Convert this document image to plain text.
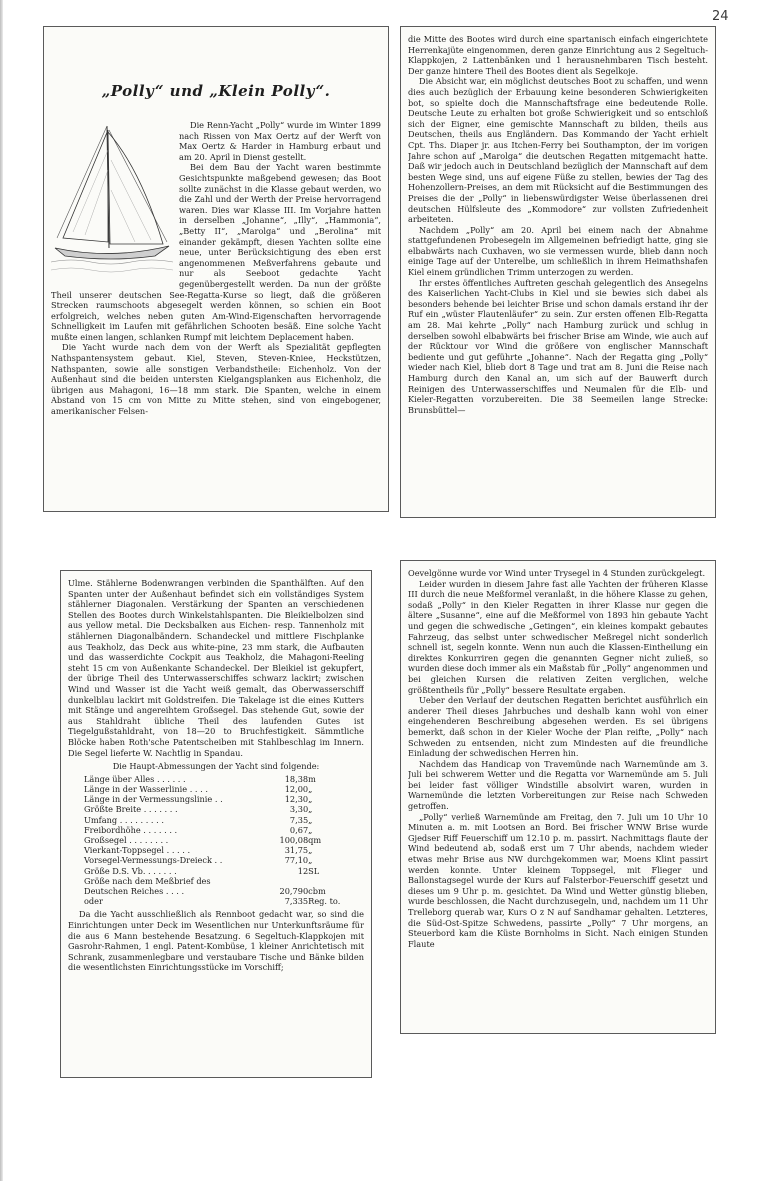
24
„Polly“ und „Klein Polly“.

Die Renn-Yacht „Polly“ wurde im Winter 1899 nach Rissen von Max Oertz auf der Werft von Max Oertz & Harder in Hamburg erbaut und am 20. April in Dienst gestellt.

Bei dem Bau der Yacht waren bestimmte Gesichtspunkte maßgebend gewesen; das Boot sollte zunächst in die Klasse gebaut werden, wo die Zahl und der Werth der Preise hervorragend waren. Dies war Klasse III. Im Vorjahre hatten in derselben „Johanne“, „Illy“, „Hammonia“, „Betty II“, „Marolga“ und „Berolina“ mit einander gekämpft, diesen Yachten sollte eine neue, unter Berücksichtigung des eben erst angenommenen Meßverfahrens gebaute und nur als Seeboot gedachte Yacht gegenübergestellt werden. Da nun der größte Theil unserer deutschen See-Regatta-Kurse so liegt, daß die größeren Strecken raumschoots abgesegelt werden können, so schien ein Boot erfolgreich, welches neben guten Am-Wind-Eigenschaften hervorragende Schnelligkeit im Laufen mit gefährlichen Schooten besäß. Eine solche Yacht mußte einen langen, schlanken Rumpf mit leichtem Deplacement haben.

Die Yacht wurde nach dem von der Werft als Spezialität gepflegten Nathspantensystem gebaut. Kiel, Steven, Steven-Kniee, Heckstützen, Nathspanten, sowie alle sonstigen Verbandstheile: Eichenholz. Von der Außenhaut sind die beiden untersten Kielgangsplanken aus Eichenholz, die übrigen aus Mahagoni, 16—18 mm stark. Die Spanten, welche in einem Abstand von 15 cm von Mitte zu Mitte stehen, sind von eingebogener, amerikanischer Felsen-

die Mitte des Bootes wird durch eine spartanisch einfach eingerichtete Herrenkajüte eingenommen, deren ganze Einrichtung aus 2 Segeltuch-Klappkojen, 2 Lattenbänken und 1 herausnehmbaren Tisch besteht. Der ganze hintere Theil des Bootes dient als Segelkoje.

Die Absicht war, ein möglichst deutsches Boot zu schaffen, und wenn dies auch bezüglich der Erbauung keine besonderen Schwierigkeiten bot, so spielte doch die Mannschaftsfrage eine bedeutende Rolle. Deutsche Leute zu erhalten bot große Schwierigkeit und so entschloß sich der Eigner, eine gemischte Mannschaft zu bilden, theils aus Deutschen, theils aus Engländern. Das Kommando der Yacht erhielt Cpt. Ths. Diaper jr. aus Itchen-Ferry bei Southampton, der im vorigen Jahre schon auf „Marolga“ die deutschen Regatten mitgemacht hatte. Daß wir jedoch auch in Deutschland bezüglich der Mannschaft auf dem besten Wege sind, uns auf eigene Füße zu stellen, bewies der Tag des Hohenzollern-Preises, an dem mit Rücksicht auf die Bestimmungen des Preises die der „Polly“ in liebenswürdigster Weise überlassenen drei deutschen Hülfsleute des „Kommodore“ zur vollsten Zufriedenheit arbeiteten.

Nachdem „Polly“ am 20. April bei einem nach der Abnahme stattgefundenen Probesegeln im Allgemeinen befriedigt hatte, ging sie elbabwärts nach Cuxhaven, wo sie vermessen wurde, blieb dann noch einige Tage auf der Unterelbe, um schließlich in ihrem Heimathshafen Kiel einem gründlichen Trimm unterzogen zu werden.

Ihr erstes öffentliches Auftreten geschah gelegentlich des Ansegelns des Kaiserlichen Yacht-Clubs in Kiel und sie bewies sich dabei als besonders behende bei leichter Brise und schon damals erstand ihr der Ruf ein „wüster Flautenläufer“ zu sein. Zur ersten offenen Elb-Regatta am 28. Mai kehrte „Polly“ nach Hamburg zurück und schlug in derselben sowohl elbabwärts bei frischer Brise am Winde, wie auch auf der Rücktour vor Wind die größere von englischer Mannschaft bediente und gut geführte „Johanne“. Nach der Regatta ging „Polly“ wieder nach Kiel, blieb dort 8 Tage und trat am 8. Juni die Reise nach Hamburg durch den Kanal an, um sich auf der Bauwerft durch Reinigen des Unterwasserschiffes und Neumalen für die Elb- und Kieler-Regatten vorzubereiten. Die 38 Seemeilen lange Strecke: Brunsbüttel—

Ulme. Stählerne Bodenwrangen verbinden die Spanthälften. Auf den Spanten unter der Außenhaut befindet sich ein vollständiges System stählerner Diagonalen. Verstärkung der Spanten an verschiedenen Stellen des Bootes durch Winkelstahlspanten. Die Bleikielbolzen sind aus yellow metal. Die Decksbalken aus Eichen- resp. Tannenholz mit stählernen Diagonalbändern. Schandeckel und mittlere Fischplanke aus Teakholz, das Deck aus white-pine, 23 mm stark, die Aufbauten und das wasserdichte Cockpit aus Teakholz, die Mahagoni-Reeling steht 15 cm von Außenkante Schandeckel. Der Bleikiel ist gekupfert, der übrige Theil des Unterwasserschiffes schwarz lackirt; zwischen Wind und Wasser ist die Yacht weiß gemalt, das Oberwasserschiff dunkelblau lackirt mit Goldstreifen. Die Takelage ist die eines Kutters mit Stänge und angereihtem Großsegel. Das stehende Gut, sowie der aus Stahldraht übliche Theil des laufenden Gutes ist Tiegelgußstahldraht, von 18—20 to Bruchfestigkeit. Sämmtliche Blöcke haben Roth'sche Patentscheiben mit Stahlbeschlag im Innern. Die Segel lieferte W. Nachtlig in Spandau.

Die Haupt-Abmessungen der Yacht sind folgende:

Länge über Alles . . . . . .	18,38	m
Länge in der Wasserlinie . . . .	12,00	„
Länge in der Vermessungslinie . .	12,30	„
Größte Breite . . . . . . .	3,30	„
Umfang . . . . . . . . .	7,35	„
Freibordhöhe . . . . . . .	0,67	„
Großsegel . . . . . . . .	100,08	qm
Vierkant-Toppsegel . . . . .	31,75	„
Vorsegel-Vermessungs-Dreieck . .	77,10	„
Größe D.S. Vb. . . . . . .	12	SL
Größe nach dem Meßbrief des		
Deutschen Reiches . . . .	20,790	cbm
oder	7,335	Reg. to.

Da die Yacht ausschließlich als Rennboot gedacht war, so sind die Einrichtungen unter Deck im Wesentlichen nur Unterkunftsräume für die aus 6 Mann bestehende Besatzung. 6 Segeltuch-Klappkojen mit Gasrohr-Rahmen, 1 engl. Patent-Kombüse, 1 kleiner Anrichtetisch mit Schrank, zusammenlegbare und verstaubare Tische und Bänke bilden die wesentlichsten Einrichtungsstücke im Vorschiff;

Oevelgönne wurde vor Wind unter Trysegel in 4 Stunden zurückgelegt.

Leider wurden in diesem Jahre fast alle Yachten der früheren Klasse III durch die neue Meßformel veranlaßt, in die höhere Klasse zu gehen, sodaß „Polly“ in den Kieler Regatten in ihrer Klasse nur gegen die ältere „Susanne“, eine auf die Meßformel von 1893 hin gebaute Yacht und gegen die schwedische „Getingen“, ein kleines kompakt gebautes Fahrzeug, das selbst unter schwedischer Meßregel nicht sonderlich schnell ist, segeln konnte. Wenn nun auch die Klassen-Eintheilung ein direktes Konkurriren gegen die genannten Gegner nicht zuließ, so wurden diese doch immer als ein Maßstab für „Polly“ angenommen und bei gleichen Kursen die relativen Zeiten verglichen, welche größtentheils für „Polly“ bessere Resultate ergaben.

Ueber den Verlauf der deutschen Regatten berichtet ausführlich ein anderer Theil dieses Jahrbuches und deshalb kann wohl von einer eingehenderen Beschreibung abgesehen werden. Es sei übrigens bemerkt, daß schon in der Kieler Woche der Plan reifte, „Polly“ nach Schweden zu entsenden, nicht zum Mindesten auf die freundliche Einladung der schwedischen Herren hin.

Nachdem das Handicap von Travemünde nach Warnemünde am 3. Juli bei schwerem Wetter und die Regatta vor Warnemünde am 5. Juli bei leider fast völliger Windstille absolvirt waren, wurden in Warnemünde die letzten Vorbereitungen zur Reise nach Schweden getroffen.

„Polly“ verließ Warnemünde am Freitag, den 7. Juli um 10 Uhr 10 Minuten a. m. mit Lootsen an Bord. Bei frischer WNW Brise wurde Gjedser Riff Feuerschiff um 12.10 p. m. passirt. Nachmittags flaute der Wind bedeutend ab, sodaß erst um 7 Uhr abends, nachdem wieder etwas mehr Brise aus NW durchgekommen war, Moens Klint passirt werden konnte. Unter kleinem Toppsegel, mit Flieger und Ballonstagsegel wurde der Kurs auf Falsterbor-Feuerschiff gesetzt und dieses um 9 Uhr p. m. gesichtet. Da Wind und Wetter günstig blieben, wurde beschlossen, die Nacht durchzusegeln, und, nachdem um 11 Uhr Trelleborg querab war, Kurs O z N auf Sandhamar gehalten. Letzteres, die Süd-Ost-Spitze Schwedens, passirte „Polly“ 7 Uhr morgens, an Steuerbord kam die Küste Bornholms in Sicht. Nach einigen Stunden Flaute
